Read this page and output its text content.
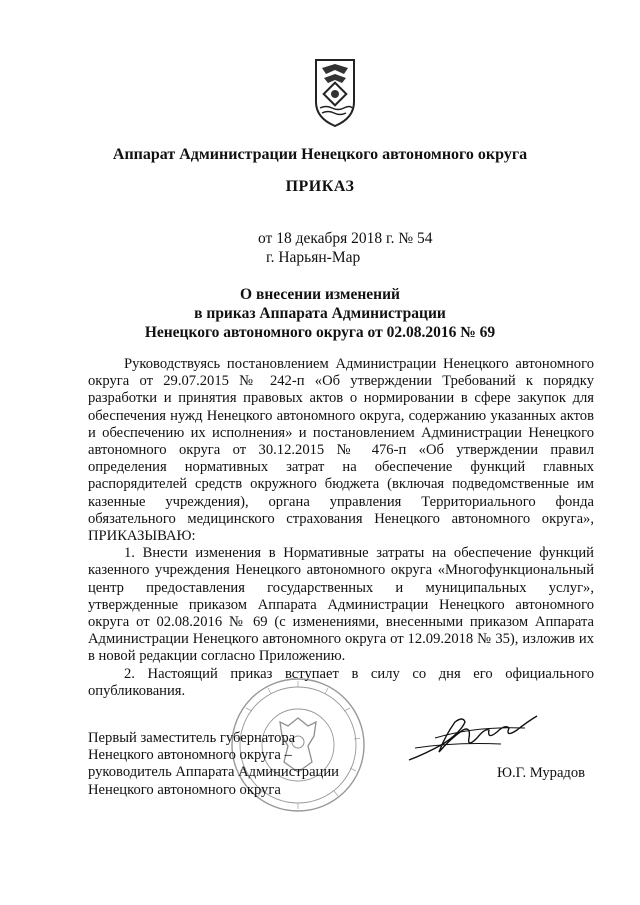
Аппарат Администрации Ненецкого автономного округа
ПРИКАЗ
от 18 декабря 2018 г. № 54
г. Нарьян-Мар
О внесении изменений
в приказ Аппарата Администрации
Ненецкого автономного округа от 02.08.2016 № 69

Руководствуясь постановлением Администрации Ненецкого автономного округа от 29.07.2015 № 242-п «Об утверждении Требований к порядку разработки и принятия правовых актов о нормировании в сфере закупок для обеспечения нужд Ненецкого автономного округа, содержанию указанных актов и обеспечению их исполнения» и постановлением Администрации Ненецкого автономного округа от 30.12.2015 № 476-п «Об утверждении правил определения нормативных затрат на обеспечение функций главных распорядителей средств окружного бюджета (включая подведомственные им казенные учреждения), органа управления Территориального фонда обязательного медицинского страхования Ненецкого автономного округа», ПРИКАЗЫВАЮ:

1. Внести изменения в Нормативные затраты на обеспечение функций казенного учреждения Ненецкого автономного округа «Многофункциональный центр предоставления государственных и муниципальных услуг», утвержденные приказом Аппарата Администрации Ненецкого автономного округа от 02.08.2016 № 69 (с изменениями, внесенными приказом Аппарата Администрации Ненецкого автономного округа от 12.09.2018 № 35), изложив их в новой редакции согласно Приложению.

2. Настоящий приказ вступает в силу со дня его официального опубликования.

Первый заместитель губернатора
Ненецкого автономного округа –
руководитель Аппарата Администрации
Ненецкого автономного округа
Ю.Г. Мурадов
